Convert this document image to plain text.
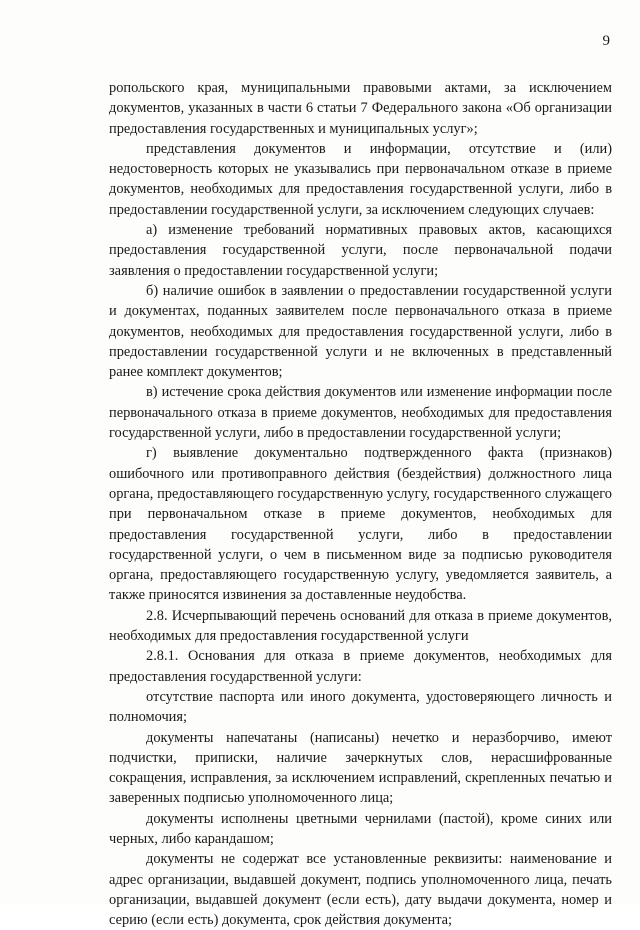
9

ропольского края, муниципальными правовыми актами, за исключением документов, указанных в части 6 статьи 7 Федерального закона «Об организации предоставления государственных и муниципальных услуг»;

представления документов и информации, отсутствие и (или) недостоверность которых не указывались при первоначальном отказе в приеме документов, необходимых для предоставления государственной услуги, либо в предоставлении государственной услуги, за исключением следующих случаев:

а) изменение требований нормативных правовых актов, касающихся предоставления государственной услуги, после первоначальной подачи заявления о предоставлении государственной услуги;

б) наличие ошибок в заявлении о предоставлении государственной услуги и документах, поданных заявителем после первоначального отказа в приеме документов, необходимых для предоставления государственной услуги, либо в предоставлении государственной услуги и не включенных в представленный ранее комплект документов;

в) истечение срока действия документов или изменение информации после первоначального отказа в приеме документов, необходимых для предоставления государственной услуги, либо в предоставлении государственной услуги;

г) выявление документально подтвержденного факта (признаков) ошибочного или противоправного действия (бездействия) должностного лица органа, предоставляющего государственную услугу, государственного служащего при первоначальном отказе в приеме документов, необходимых для предоставления государственной услуги, либо в предоставлении государственной услуги, о чем в письменном виде за подписью руководителя органа, предоставляющего государственную услугу, уведомляется заявитель, а также приносятся извинения за доставленные неудобства.

2.8. Исчерпывающий перечень оснований для отказа в приеме документов, необходимых для предоставления государственной услуги

2.8.1. Основания для отказа в приеме документов, необходимых для предоставления государственной услуги:

отсутствие паспорта или иного документа, удостоверяющего личность и полномочия;

документы напечатаны (написаны) нечетко и неразборчиво, имеют подчистки, приписки, наличие зачеркнутых слов, нерасшифрованные сокращения, исправления, за исключением исправлений, скрепленных печатью и заверенных подписью уполномоченного лица;

документы исполнены цветными чернилами (пастой), кроме синих или черных, либо карандашом;

документы не содержат все установленные реквизиты: наименование и адрес организации, выдавшей документ, подпись уполномоченного лица, печать организации, выдавшей документ (если есть), дату выдачи документа, номер и серию (если есть) документа, срок действия документа;
